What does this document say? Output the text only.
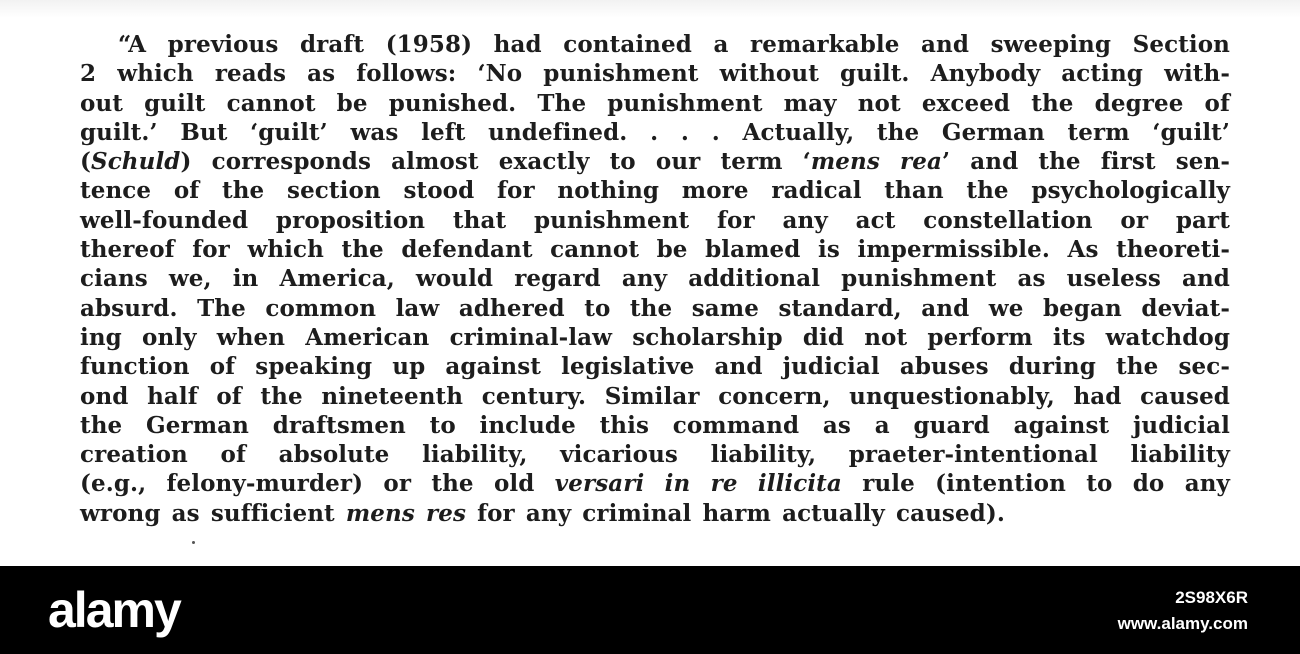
“A previous draft (1958) had contained a remarkable and sweeping Section
2 which reads as follows: ‘No punishment without guilt. Anybody acting with-
out guilt cannot be punished. The punishment may not exceed the degree of
guilt.’ But ‘guilt’ was left undefined. . . . Actually, the German term ‘guilt’
(Schuld) corresponds almost exactly to our term ‘mens rea’ and the first sen-
tence of the section stood for nothing more radical than the psychologically
well-founded proposition that punishment for any act constellation or part
thereof for which the defendant cannot be blamed is impermissible. As theoreti-
cians we, in America, would regard any additional punishment as useless and
absurd. The common law adhered to the same standard, and we began deviat-
ing only when American criminal-law scholarship did not perform its watchdog
function of speaking up against legislative and judicial abuses during the sec-
ond half of the nineteenth century. Similar concern, unquestionably, had caused
the German draftsmen to include this command as a guard against judicial
creation of absolute liability, vicarious liability, praeter-intentional liability
(e.g., felony-murder) or the old versari in re illicita rule (intention to do any
wrong as sufficient mens res for any criminal harm actually caused).
alamy	2S98X6R
www.alamy.com
